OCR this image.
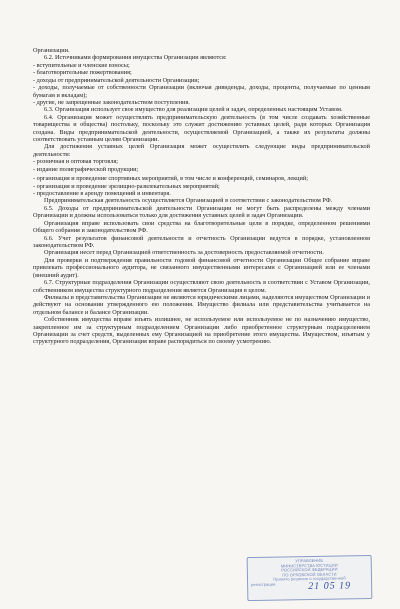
Организации.

6.2. Источниками формирования имущества Организации являются:

- вступительные и членские взносы;

- благотворительные пожертвования;

- доходы от предпринимательской деятельности Организации;

- доходы, получаемые от собственности Организации (включая дивиденды, доходы, проценты, получаемые по ценным бумагам и вкладам);

- другие, не запрещенные законодательством поступления.

6.3. Организация использует свое имущество для реализации целей и задач, определенных настоящим Уставом.

6.4. Организация может осуществлять предпринимательскую деятельность (в том числе создавать хозяйственные товарищества и общества) постольку, поскольку это служит достижению уставных целей, ради которых Организация создана. Виды предпринимательской деятельности, осуществляемой Организацией, а также их результаты должны соответствовать уставным целям Организации.

Для достижения уставных целей Организация может осуществлять следующие виды предпринимательской деятельности:

- розничная и оптовая торговля;

- издание полиграфической продукции;

- организация и проведение спортивных мероприятий, в том числе и конференций, семинаров, лекций;

- организация и проведение зрелищно-развлекательных мероприятий;

- предоставление в аренду помещений и инвентаря.

Предпринимательская деятельность осуществляется Организацией в соответствии с законодательством РФ.

6.5. Доходы от предпринимательской деятельности Организации не могут быть распределены между членами Организации и должны использоваться только для достижения уставных целей и задач Организации.

Организация вправе использовать свои средства на благотворительные цели в порядке, определенном решениями Общего собрания и законодательством РФ.

6.6. Учет результатов финансовой деятельности и отчетность Организации ведутся в порядке, установленном законодательством РФ.

Организация несет перед Организацией ответственность за достоверность предоставляемой отчетности.

Для проверки и подтверждения правильности годовой финансовой отчетности Организации Общее собрание вправе привлекать профессионального аудитора, не связанного имущественными интересами с Организацией или ее членами (внешний аудит).

6.7. Структурные подразделения Организации осуществляют свою деятельность в соответствии с Уставом Организации, собственником имущества структурного подразделения является Организация в целом.

Филиалы и представительства Организации не являются юридическими лицами, наделяются имуществом Организации и действуют на основании утвержденного ею положения. Имущество филиала или представительства учитывается на отдельном балансе и балансе Организации.

Собственник имущества вправе изъять излишнее, не используемое или используемое не по назначению имущество, закрепленное им за структурным подразделением Организации либо приобретенное структурным подразделением Организации за счет средств, выделенных ему Организацией на приобретение этого имущества. Имуществом, изъятым у структурного подразделения, Организация вправе распорядиться по своему усмотрению.

УПРАВЛЕНИЕ
МИНИСТЕРСТВА ЮСТИЦИИ
РОССИЙСКОЙ ФЕДЕРАЦИИ
ПО ОРЛОВСКОЙ ОБЛАСТИ
Принято решение о государственной
регистрации	21 05 19
